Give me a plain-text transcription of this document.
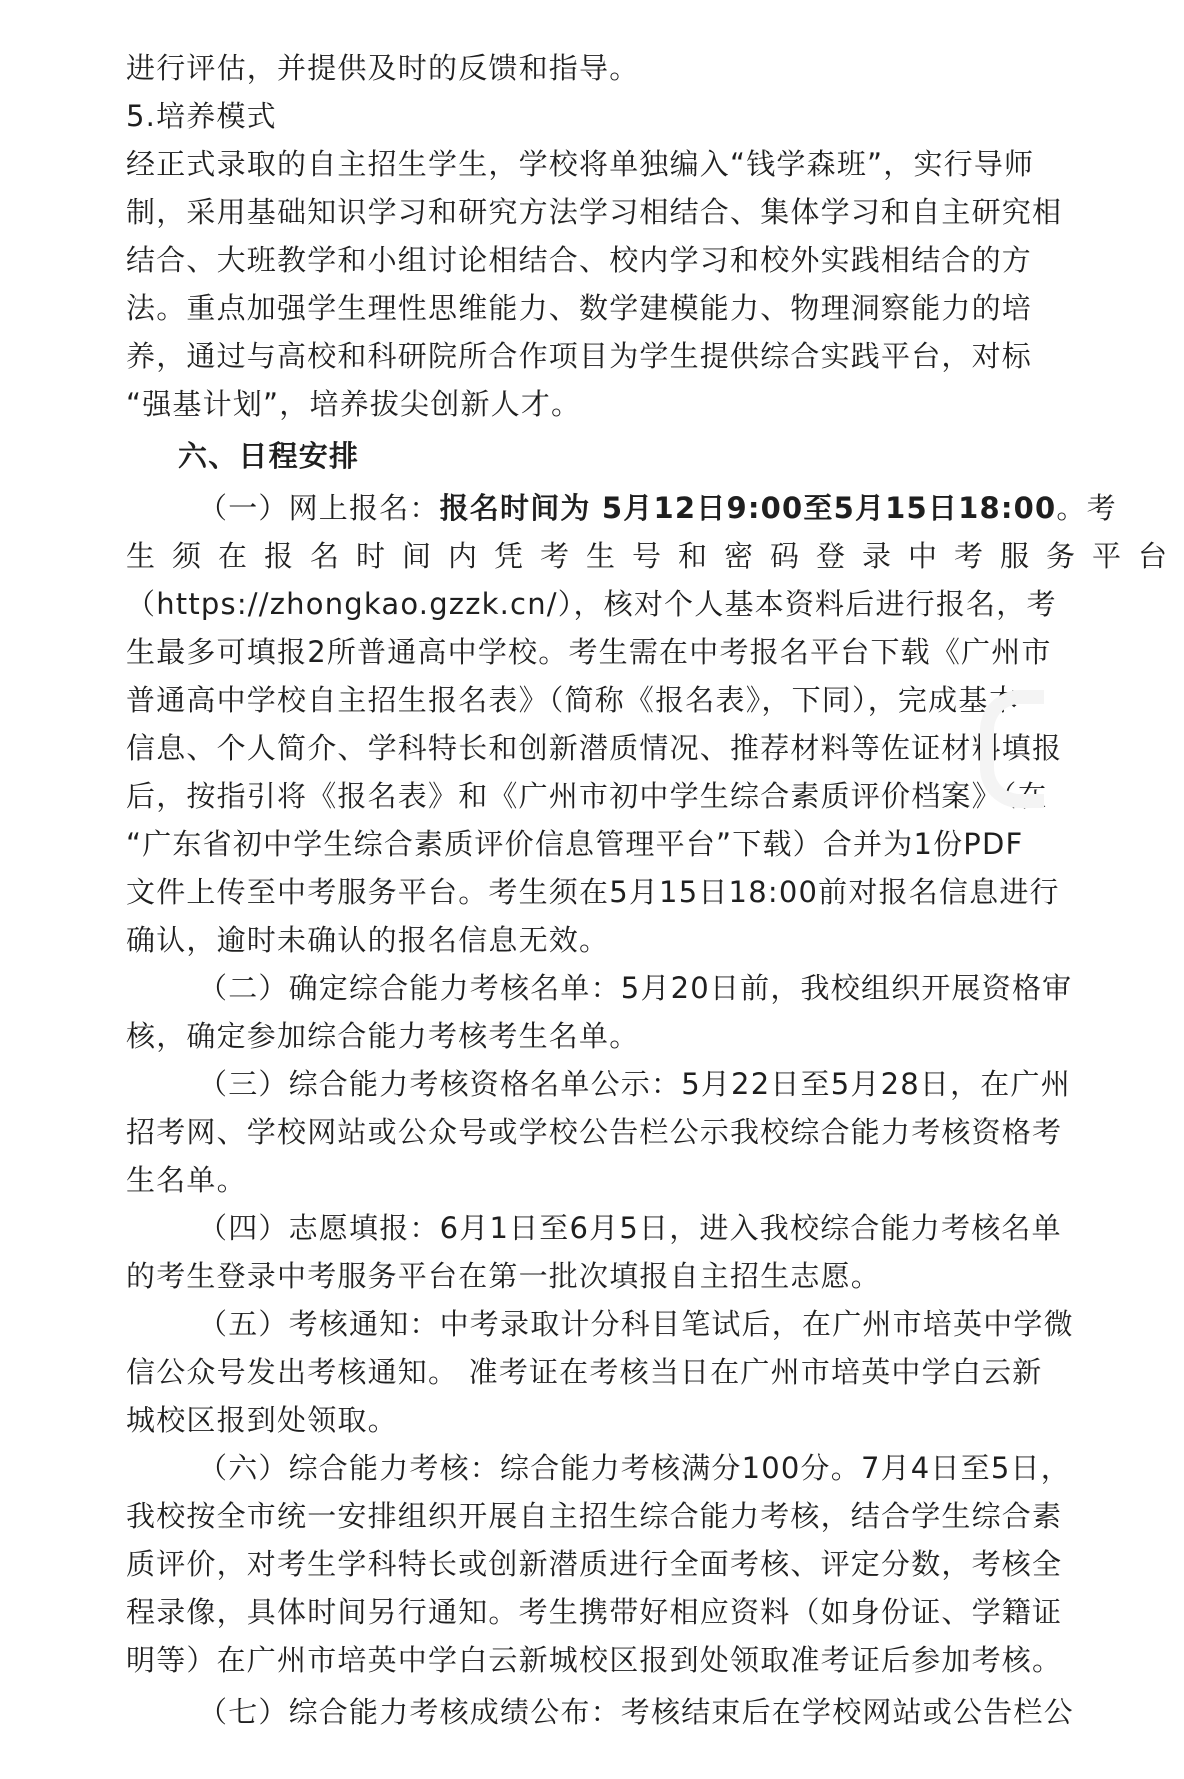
进行评估，并提供及时的反馈和指导。
5.培养模式
经正式录取的自主招生学生，学校将单独编入“钱学森班”，实行导师
制，采用基础知识学习和研究方法学习相结合、集体学习和自主研究相
结合、大班教学和小组讨论相结合、校内学习和校外实践相结合的方
法。重点加强学生理性思维能力、数学建模能力、物理洞察能力的培
养，通过与高校和科研院所合作项目为学生提供综合实践平台，对标
“强基计划”，培养拔尖创新人才。
六、日程安排
（一）网上报名：报名时间为 5月12日9:00至5月15日18:00。考
生须在报名时间内凭考生号和密码登录中考服务平台
（https://zhongkao.gzzk.cn/），核对个人基本资料后进行报名，考
生最多可填报2所普通高中学校。考生需在中考报名平台下载《广州市
普通高中学校自主招生报名表》（简称《报名表》，下同），完成基本
信息、个人简介、学科特长和创新潜质情况、推荐材料等佐证材料填报
后，按指引将《报名表》和《广州市初中学生综合素质评价档案》（在
“广东省初中学生综合素质评价信息管理平台”下载）合并为1份PDF
文件上传至中考服务平台。考生须在5月15日18:00前对报名信息进行
确认，逾时未确认的报名信息无效。
（二）确定综合能力考核名单：5月20日前，我校组织开展资格审
核，确定参加综合能力考核考生名单。
（三）综合能力考核资格名单公示：5月22日至5月28日，在广州
招考网、学校网站或公众号或学校公告栏公示我校综合能力考核资格考
生名单。
（四）志愿填报：6月1日至6月5日，进入我校综合能力考核名单
的考生登录中考服务平台在第一批次填报自主招生志愿。
（五）考核通知：中考录取计分科目笔试后，在广州市培英中学微
信公众号发出考核通知。 准考证在考核当日在广州市培英中学白云新
城校区报到处领取。
（六）综合能力考核：综合能力考核满分100分。7月4日至5日，
我校按全市统一安排组织开展自主招生综合能力考核，结合学生综合素
质评价，对考生学科特长或创新潜质进行全面考核、评定分数，考核全
程录像，具体时间另行通知。考生携带好相应资料（如身份证、学籍证
明等）在广州市培英中学白云新城校区报到处领取准考证后参加考核。
（七）综合能力考核成绩公布：考核结束后在学校网站或公告栏公
